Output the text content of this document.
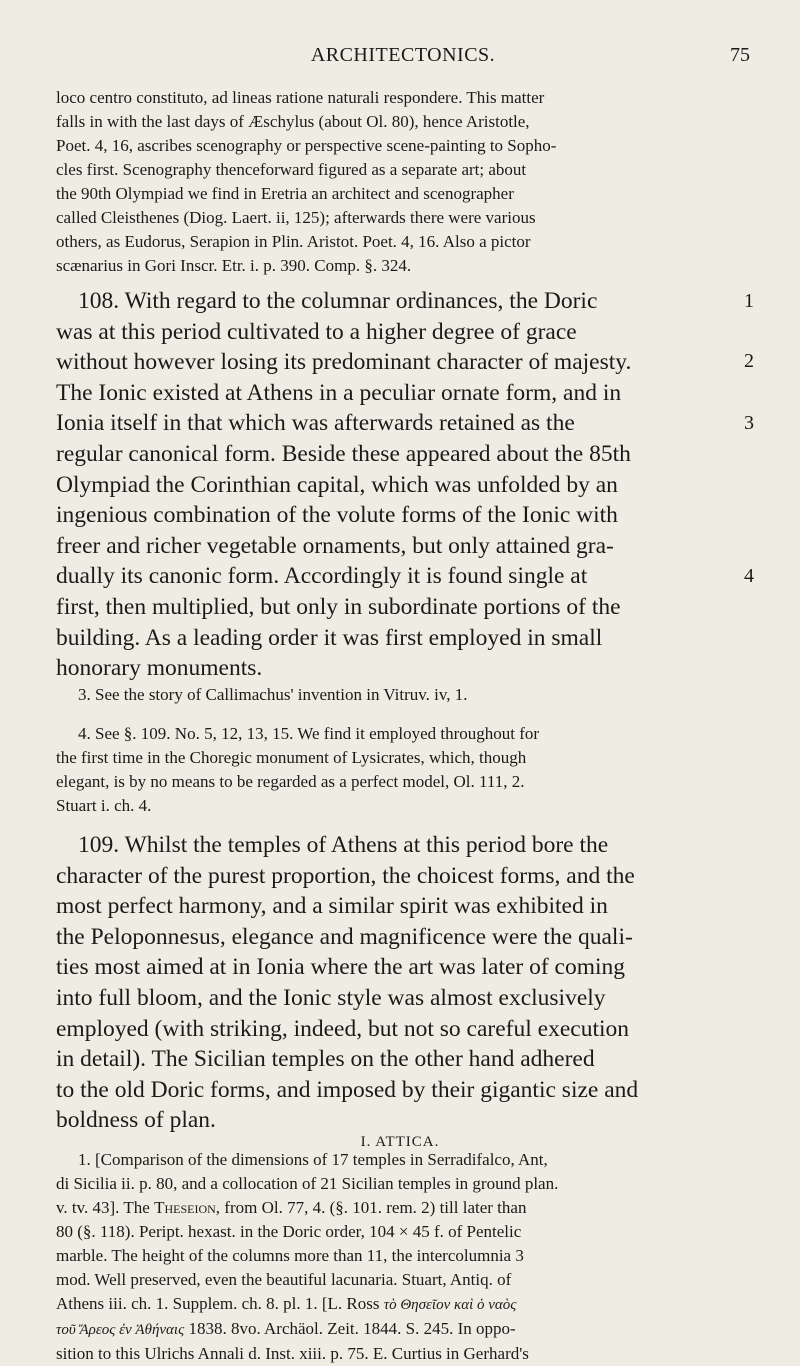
ARCHITECTONICS.	75
loco centro constituto, ad lineas ratione naturali respondere. This matter
falls in with the last days of Æschylus (about Ol. 80), hence Aristotle,
Poet. 4, 16, ascribes scenography or perspective scene-painting to Sopho-
cles first. Scenography thenceforward figured as a separate art; about
the 90th Olympiad we find in Eretria an architect and scenographer
called Cleisthenes (Diog. Laert. ii, 125); afterwards there were various
others, as Eudorus, Serapion in Plin. Aristot. Poet. 4, 16. Also a pictor
scænarius in Gori Inscr. Etr. i. p. 390. Comp. §. 324.
108. With regard to the columnar ordinances, the Doric
was at this period cultivated to a higher degree of grace
without however losing its predominant character of majesty.
The Ionic existed at Athens in a peculiar ornate form, and in
Ionia itself in that which was afterwards retained as the
regular canonical form. Beside these appeared about the 85th
Olympiad the Corinthian capital, which was unfolded by an
ingenious combination of the volute forms of the Ionic with
freer and richer vegetable ornaments, but only attained gra-
dually its canonic form. Accordingly it is found single at
first, then multiplied, but only in subordinate portions of the
building. As a leading order it was first employed in small
honorary monuments.
1
2
3
4
3. See the story of Callimachus' invention in Vitruv. iv, 1.
4. See §. 109. No. 5, 12, 13, 15. We find it employed throughout for
the first time in the Choregic monument of Lysicrates, which, though
elegant, is by no means to be regarded as a perfect model, Ol. 111, 2.
Stuart i. ch. 4.
109. Whilst the temples of Athens at this period bore the
character of the purest proportion, the choicest forms, and the
most perfect harmony, and a similar spirit was exhibited in
the Peloponnesus, elegance and magnificence were the quali-
ties most aimed at in Ionia where the art was later of coming
into full bloom, and the Ionic style was almost exclusively
employed (with striking, indeed, but not so careful execution
in detail). The Sicilian temples on the other hand adhered
to the old Doric forms, and imposed by their gigantic size and
boldness of plan.
I. ATTICA.
1. [Comparison of the dimensions of 17 temples in Serradifalco, Ant,
di Sicilia ii. p. 80, and a collocation of 21 Sicilian temples in ground plan.
v. tv. 43]. The Theseion, from Ol. 77, 4. (§. 101. rem. 2) till later than
80 (§. 118). Peript. hexast. in the Doric order, 104 × 45 f. of Pentelic
marble. The height of the columns more than 11, the intercolumnia 3
mod. Well preserved, even the beautiful lacunaria. Stuart, Antiq. of
Athens iii. ch. 1. Supplem. ch. 8. pl. 1. [L. Ross τὸ Θησεῖον καὶ ὁ ναὸς
τοῦ Ἄρεος ἐν Ἀθήναις 1838. 8vo. Archäol. Zeit. 1844. S. 245. In oppo-
sition to this Ulrichs Annali d. Inst. xiii. p. 75. E. Curtius in Gerhard's
